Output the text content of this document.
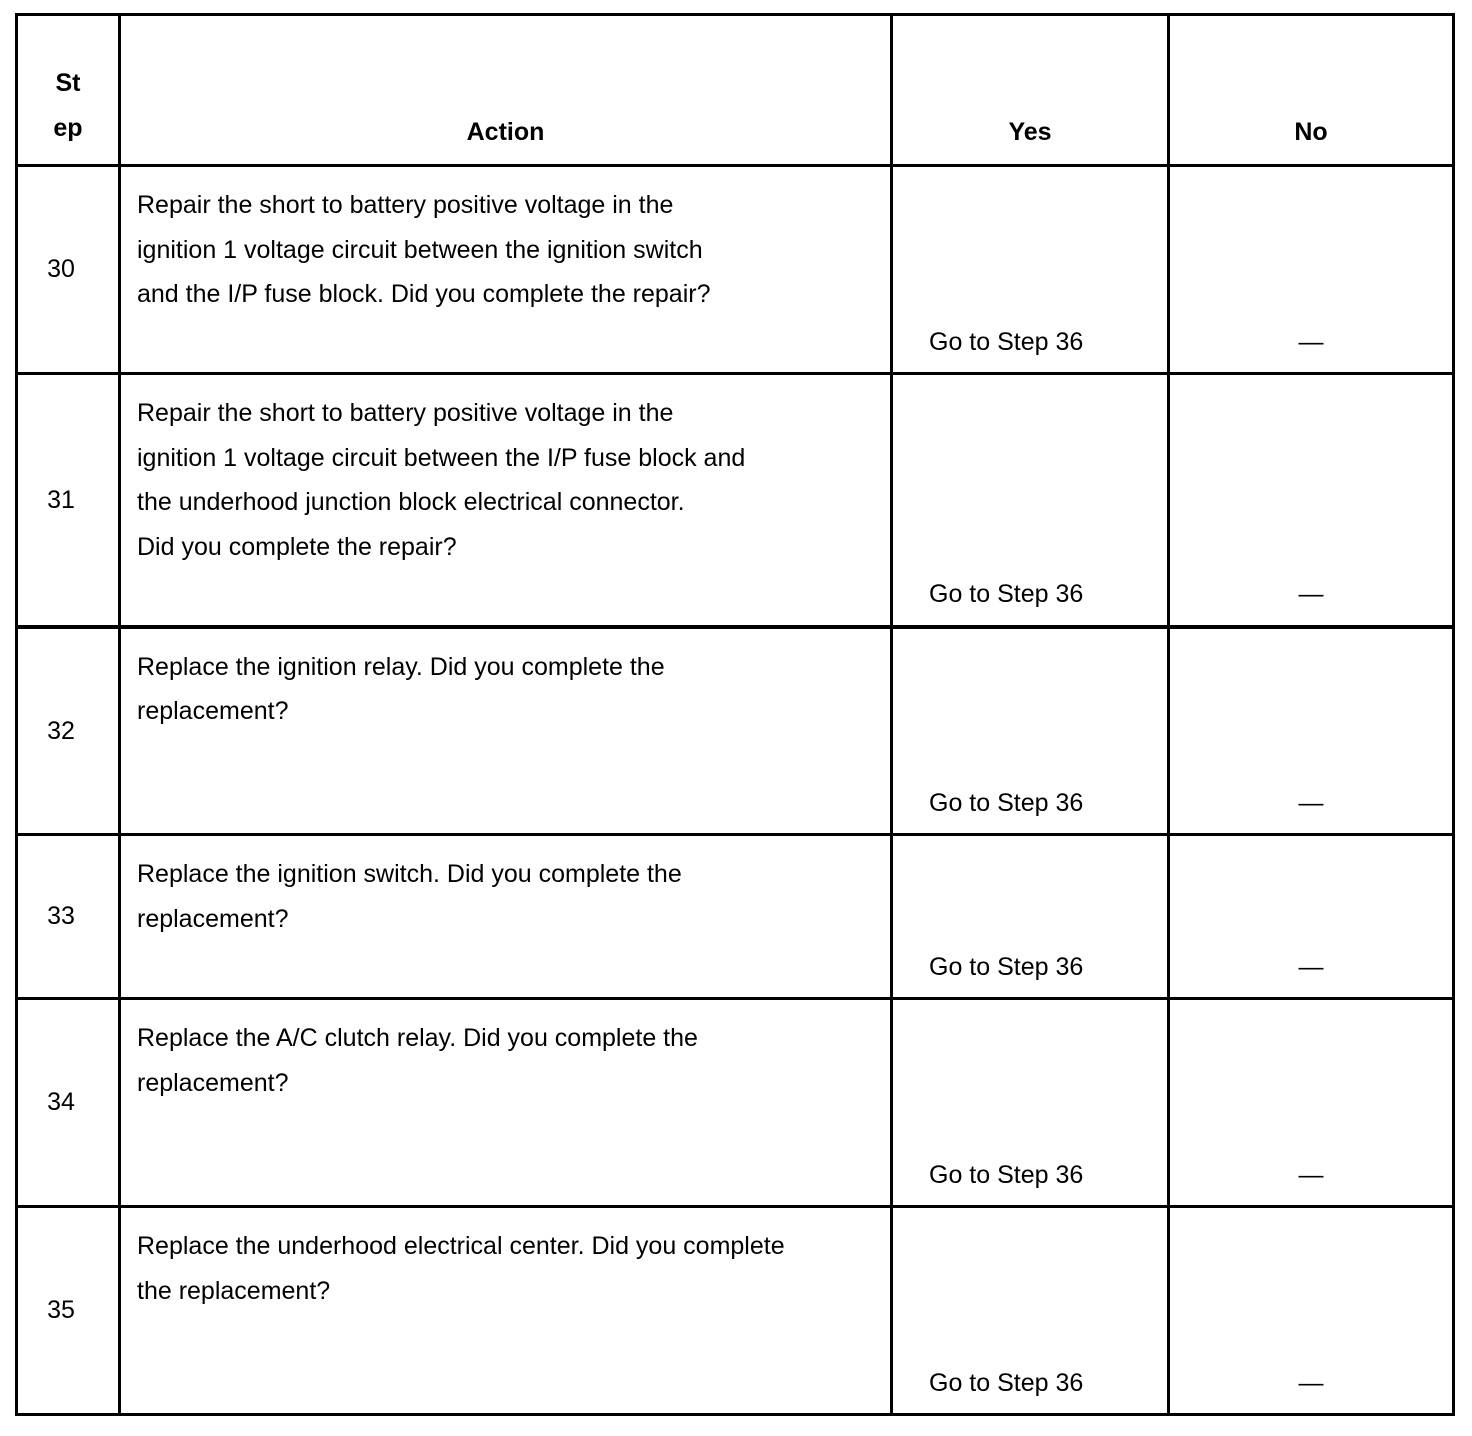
St
ep	Action	Yes	No
30	Repair the short to battery positive voltage in the
ignition 1 voltage circuit between the ignition switch
and the I/P fuse block. Did you complete the repair?	Go to Step 36	—
31	Repair the short to battery positive voltage in the
ignition 1 voltage circuit between the I/P fuse block and
the underhood junction block electrical connector.
Did you complete the repair?	Go to Step 36	—
32	Replace the ignition relay. Did you complete the
replacement?	Go to Step 36	—
33	Replace the ignition switch. Did you complete the
replacement?	Go to Step 36	—
34	Replace the A/C clutch relay. Did you complete the
replacement?	Go to Step 36	—
35	Replace the underhood electrical center. Did you complete
the replacement?	Go to Step 36	—
